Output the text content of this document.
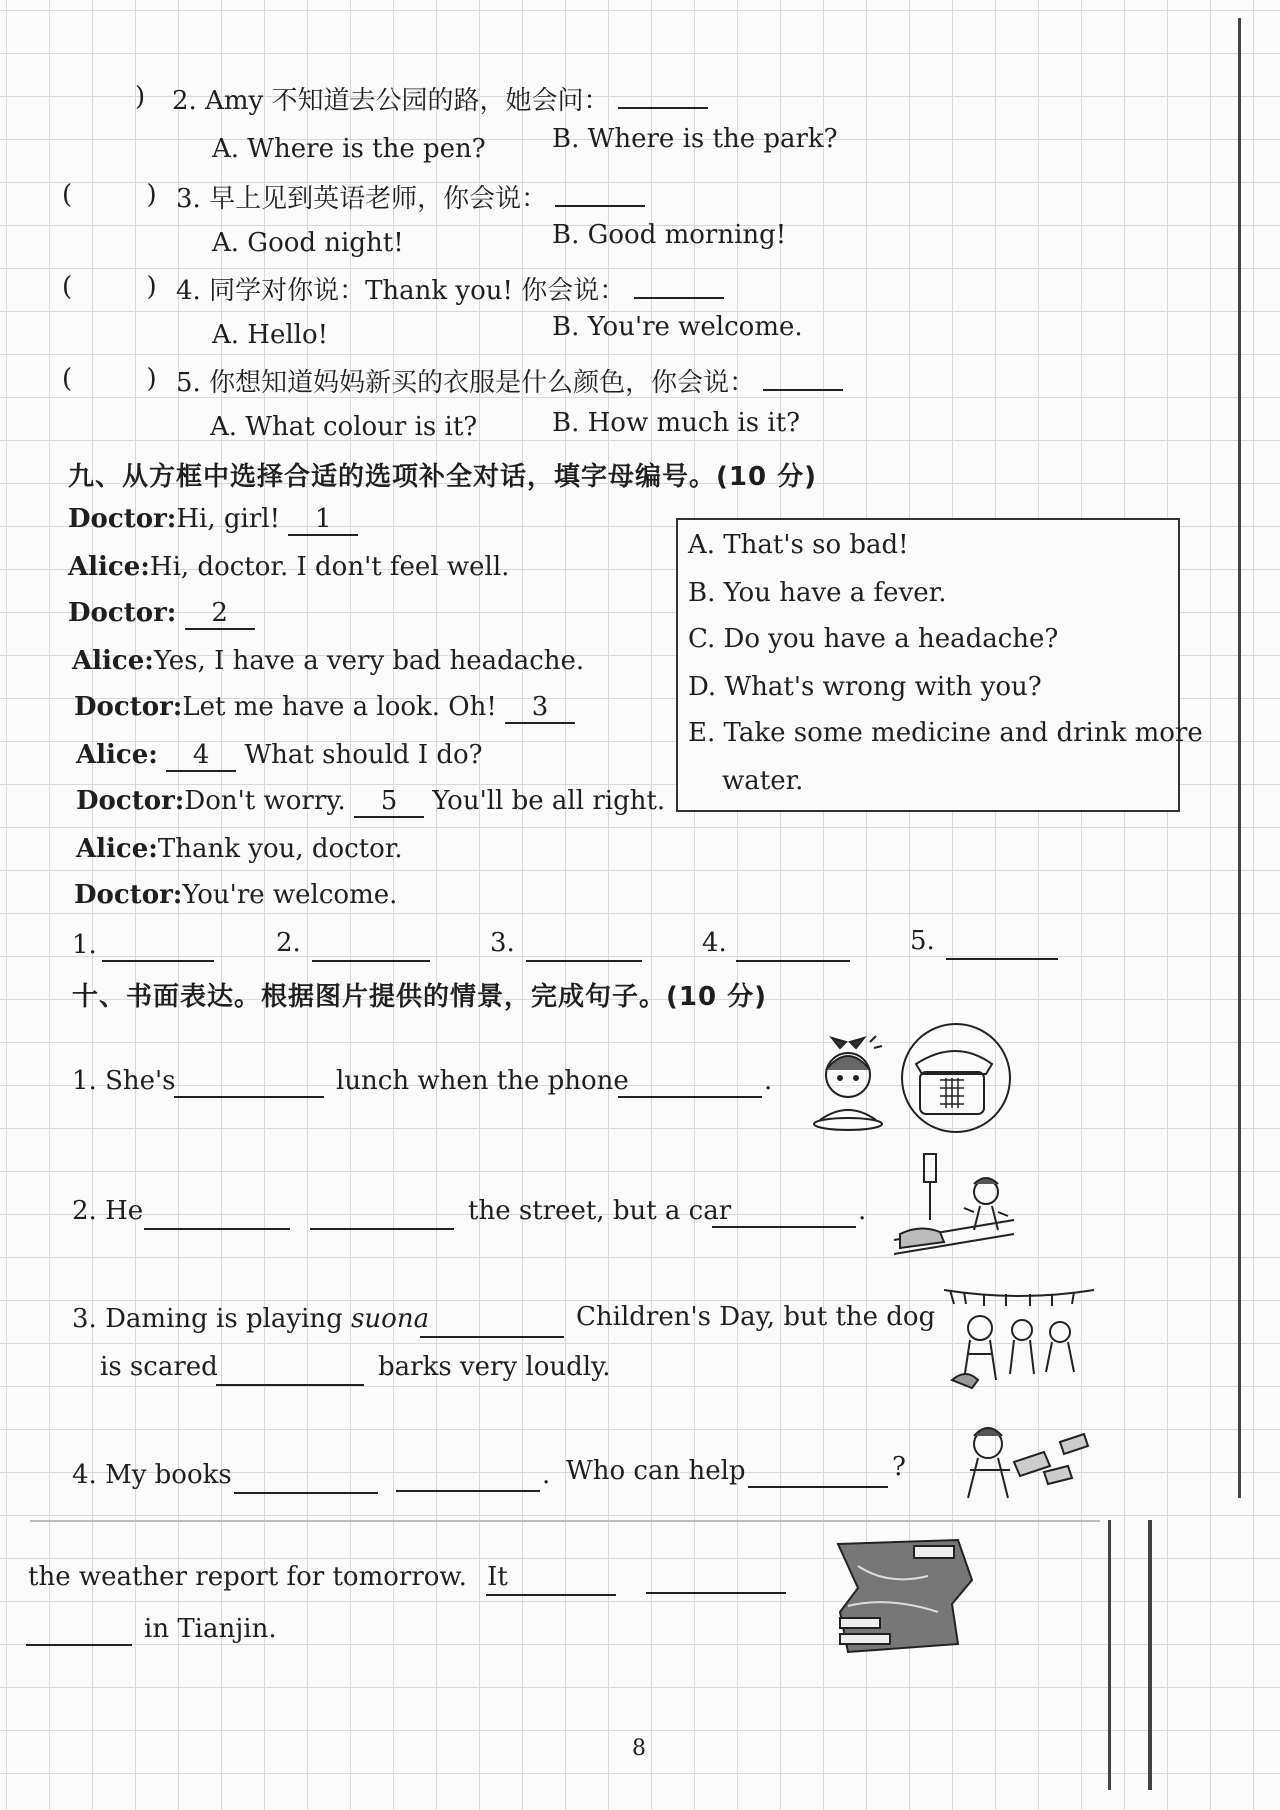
) 2. Amy 不知道去公园的路，她会问：
A. Where is the pen?	B. Where is the park?
(         ) 3. 早上见到英语老师，你会说：
A. Good night!	B. Good morning!
(         ) 4. 同学对你说：Thank you! 你会说：
A. Hello!	B. You're welcome.
(         ) 5. 你想知道妈妈新买的衣服是什么颜色，你会说：
A. What colour is it?	B. How much is it?
九、从方框中选择合适的选项补全对话，填字母编号。(10 分)
Doctor:Hi, girl! 1
Alice:Hi, doctor. I don't feel well.
Doctor: 2
Alice:Yes, I have a very bad headache.
Doctor:Let me have a look. Oh! 3
Alice: 4 What should I do?
Doctor:Don't worry. 5 You'll be all right.
Alice:Thank you, doctor.
Doctor:You're welcome.
A. That's so bad!
B. You have a fever.
C. Do you have a headache?
D. What's wrong with you?
E. Take some medicine and drink more
water.
1.	2.	3.	4.	5.
十、书面表达。根据图片提供的情景，完成句子。(10 分)
1. She's	lunch when the phone	.
2. He	the street, but a car	.
3. Daming is playing suona	Children's Day, but the dog
is scared	barks very loudly.
4. My books	. Who can help	?
the weather report for tomorrow. It
in Tianjin.
8
